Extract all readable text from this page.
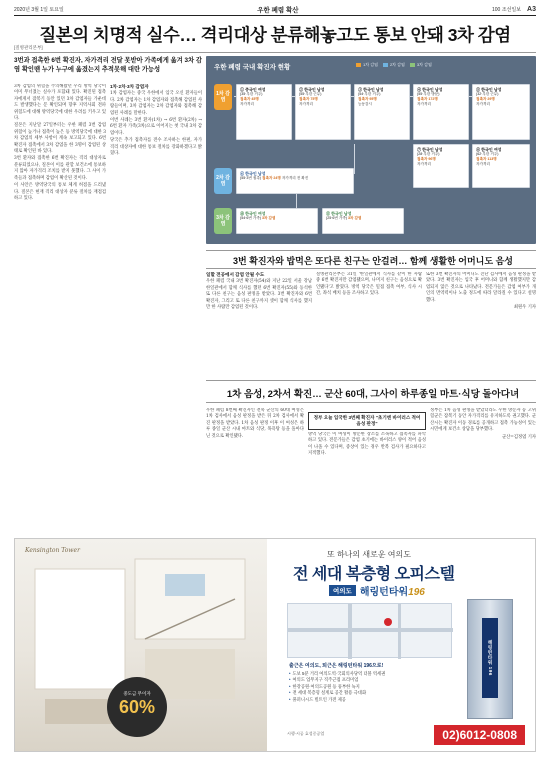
2020년 3월 1일 토요일	우한 폐렴 확산	100 조선일보 A3
질본의 치명적 실수… 격리대상 분류해놓고도 통보 안돼 3차 감염
[질병관리본부]
3번과 접촉한 6번 확진자, 자가격리 전달 못받아 가족에게 옮겨 3차 감염 확인땐 누가 누구에 옮겼는지 추적못해 대란 가능성

3차 감염의 위험을 주의해왔던 우리 방역 당국이 이미 무너졌는 실수가 포함돼 있다. 확진된 접촉자에게서 잠복기 동안 있던 3차 감염자들 가운데도 발생했다는 문 확인되며 향후 지역사회 전파 위험도에 대해 방역당국에 대한 우려를 키우고 있다.

질본은 지난달 27일부터는 우한 폐렴 3번 감염 위험이 높거나 접촉이 높은 등 방역당국에 대한 3차 감염의 세부 사항이 계속 보고되고 있다. 6번 확진자 접촉에서 3차 감염을 한 3명이 감염된 상태로 확인된 바 있다.

3번 환자와 접촉한 6번 확진자는 격리 대상자로 분류되었으나, 질본이 이를 관할 보건소에 통보하지 않아 자가격리 조치를 받지 못했다. 그 사이 가족들과 접촉하며 감염이 확산된 것이다.

이 사안은 방역당국의 통보 체계 허점을 드러냈다. 질본은 현재 격리 대상자 분류 절차를 재점검하고 있다.

1차·2차·3차 감염자

1차 감염자는 중국 우한에서 입국 오신 환자들이다. 2차 감염자는 1차 감염자와 접촉해 감염된 사람들이며, 3차 감염자는 2차 감염자와 접촉해 감염된 사례를 말한다.

이번 사례는 3번 환자(1차) → 6번 환자(2차) → 6번 환자 가족(3차)으로 이어지는 첫 국내 3차 감염이다.

당국은 추가 접촉자를 전수 조사하는 한편, 자가격리 대상자에 대한 통보 절차를 강화하겠다고 밝혔다.

우한 폐렴 국내 확진자 현황	1차 감염	2차 감염	3차 감염
1차 감염
2차 감염
3차 감염
① 중국인 여성
(35·우한 거주)
접촉자 45명
자가격리
② 한국인 남성
(55·우한 근무)
접촉자 75명
자가격리
③ 한국인 남성
(54·우한 거주)
접촉자 95명
능동감시
④ 한국인 남성
(55·우한 방문)
접촉자 172명
자가격리
⑤ 한국인 남성
(32·우한 근무)
접촉자 29명
자가격리
⑦ 한국인 남성
(28·우한 거주)
접촉자 96명
자가격리
⑧ 한국인 여성
(62·우한 거주)
접촉자 113명
자가격리
⑥ 한국인 남성
(55·3번 접촉) 접촉자 24명 자가격리 전 확진
⑩ 한국인 여성
(54·6번 가족) 3차 감염
⑪ 한국인 남성
(25·6번 가족) 3차 감염
3번 확진자와 밥먹은 또다른 친구는 안걸려… 함께 생활한 어머니도 음성

일할 전공에서 감염 안될 수도

우한 폐렴 국내 3번 확진자(54)와 지난 22일 서울 강남 한일관에서 함께 식사를 했던 6번 확진자(55)와 동석한 또 다른 친구는 음성 판정을 받았다. 3번 확진자와 6번 확진자, 그리고 또 다른 친구까지 셋이 함께 식사를 했지만 한 사람만 감염된 것이다.

질병관리본부는 31일 '한일관에서 식사를 같이 한 사람 중 6번 확진자만 감염됐으며, 나머지 친구는 음성으로 확인됐다'고 밝혔다. 방역 당국은 밀접 접촉 여부, 식사 시간, 좌석 배치 등을 조사하고 있다.

또한 3번 확진자의 어머니도 진단 검사에서 음성 판정을 받았다. 3번 확진자는 입국 후 어머니와 함께 생활했지만 감염되지 않은 것으로 나타났다. 전문가들은 감염 여부가 개인의 면역력이나 노출 정도에 따라 달라질 수 있다고 설명했다.

최원우 기자

1차 음성, 2차서 확진… 군산 60대, 그사이 하루종일 마트·식당 돌아다녀

우한 폐렴 8번째 확진자인 전북 군산의 60대 여성은 1차 검사에서 음성 판정을 받은 뒤 2차 검사에서 확진 판정을 받았다. 1차 음성 판정 이후 이 여성은 하루 종일 군산 시내 마트와 식당, 목욕탕 등을 돌아다닌 것으로 확인됐다.

정부 오늘 입국한 3번째 확진자 "초기엔 바이러스 적어 음성 판정"

방역 당국은 이 여성이 방문한 장소를 소독하고 접촉자를 파악하고 있다. 전문가들은 감염 초기에는 바이러스 양이 적어 음성이 나올 수 있다며, 증상이 있는 경우 반복 검사가 필요하다고 지적했다.

정부는 1차 음성 판정을 받았더라도 우한 방문자 등 고위험군은 잠복기 동안 자가격리를 유지하도록 권고했다. 군산시는 확진자 이동 경로를 공개하고 접촉 가능성이 있는 시민에게 보건소 상담을 당부했다.

군산=김정엽 기자

Kensington Tower
중도금 무이자
60%
또 하나의 새로운 여의도
전 세대 복층형 오피스텔
여의도 해링턴타워196
출근은 여의도, 퇴근은 해링턴타워 196으로!
• 도보 5분 거리 여의도역·국회의사당역 더블 역세권
• 여의도 업무지구 직주근접 프리미엄
• 한강공원·여의도공원 등 풍부한 녹지
• 전 세대 복층형 설계로 공간 활용 극대화
• 풀퍼니시드 빌트인 가전 제공
해링턴타워 196
시행·시공 효성중공업	02)6012-0808
